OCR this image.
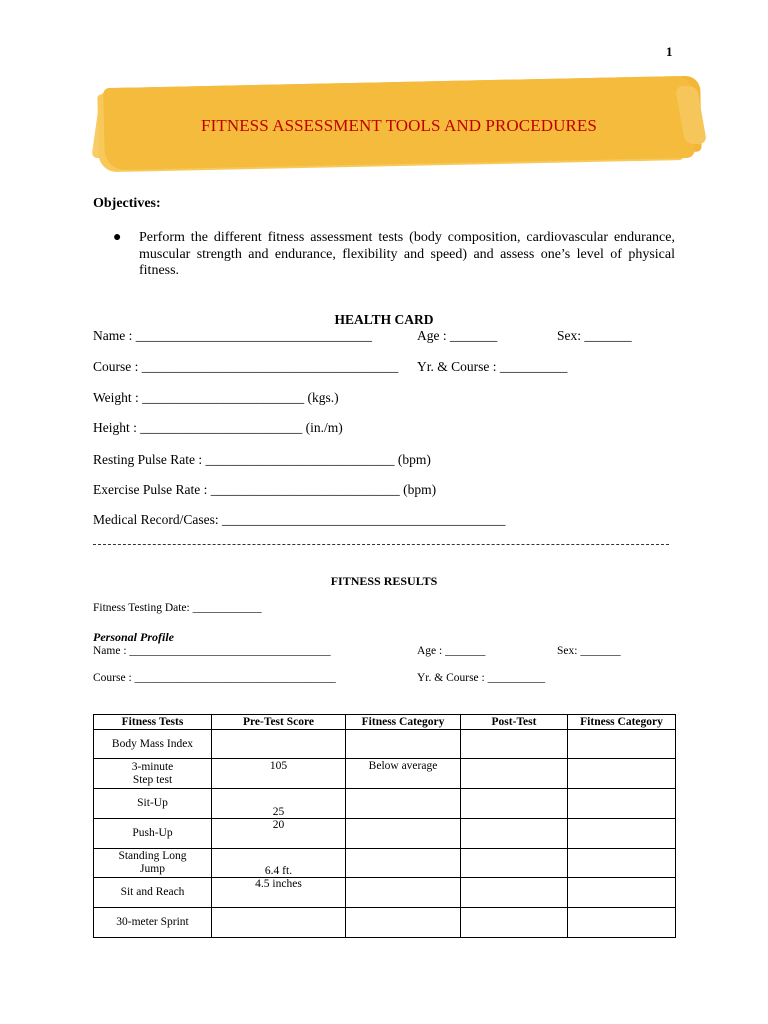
1
FITNESS ASSESSMENT TOOLS AND PROCEDURES
Objectives:
● Perform the different fitness assessment tests (body composition, cardiovascular endurance, muscular strength and endurance, flexibility and speed) and assess one’s level of physical fitness.
HEALTH CARD
Name : ___________________________________	Age : _______	Sex: _______
Course : ______________________________________ Yr. & Course : __________
Weight : ________________________ (kgs.)
Height : ________________________ (in./m)
Resting Pulse Rate : ____________________________ (bpm)
Exercise Pulse Rate : ____________________________ (bpm)
Medical Record/Cases: __________________________________________
FITNESS RESULTS
Fitness Testing Date: ____________
Personal Profile
Name : ___________________________________	Age : _______	Sex: _______
Course : ___________________________________	Yr. & Course : __________
Fitness Tests	Pre-Test Score	Fitness Category	Post-Test	Fitness Category

Body Mass Index				

3-minute
Step test	105	Below average		

Sit-Up	25			

Push-Up	20			

Standing Long
Jump	6.4 ft.			

Sit and Reach	4.5 inches			

30-meter Sprint				
